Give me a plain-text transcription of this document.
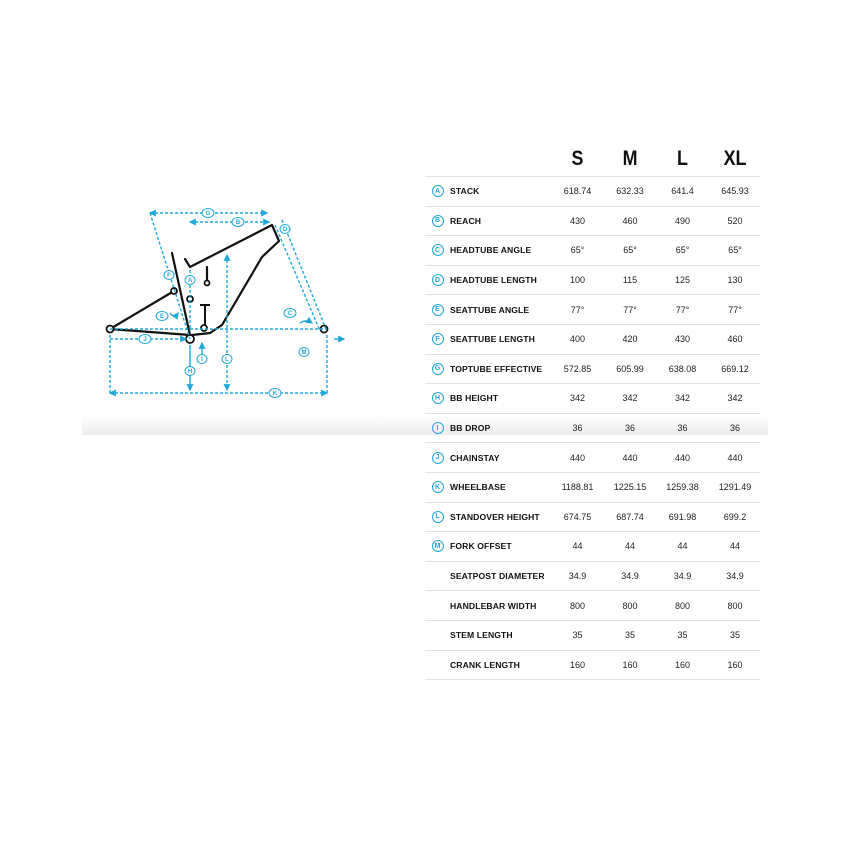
G
B
D
F
A
E	C
J
I	L
H
M
K
S	M	L	XL
A	STACK	618.74	632.33	641.4	645.93
B	REACH	430	460	490	520
C	HEADTUBE ANGLE	65°	65°	65°	65°
D	HEADTUBE LENGTH	100	115	125	130
E	SEATTUBE ANGLE	77°	77°	77°	77°
F	SEATTUBE LENGTH	400	420	430	460
G	TOPTUBE EFFECTIVE	572.85	605.99	638.08	669.12
H	BB HEIGHT	342	342	342	342
I	BB DROP	36	36	36	36
J	CHAINSTAY	440	440	440	440
K	WHEELBASE	1188.81	1225.15	1259.38	1291.49
L	STANDOVER HEIGHT	674.75	687.74	691.98	699.2
M	FORK OFFSET	44	44	44	44
SEATPOST DIAMETER	34.9	34.9	34.9	34.9
HANDLEBAR WIDTH	800	800	800	800
STEM LENGTH	35	35	35	35
CRANK LENGTH	160	160	160	160
